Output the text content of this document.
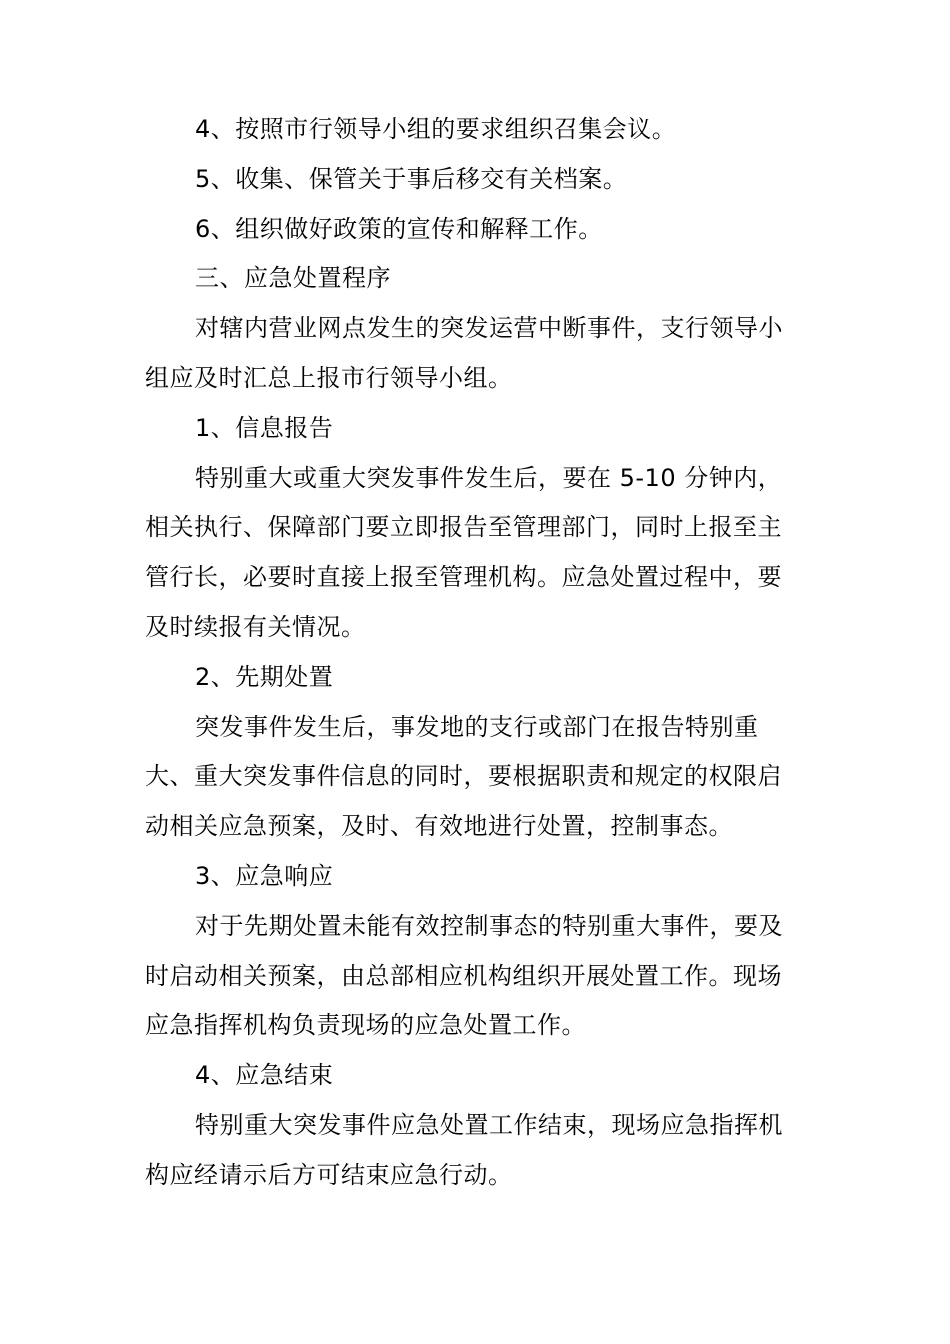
4、按照市行领导小组的要求组织召集会议。

5、收集、保管关于事后移交有关档案。

6、组织做好政策的宣传和解释工作。

三、应急处置程序

对辖内营业网点发生的突发运营中断事件，支行领导小
组应及时汇总上报市行领导小组。

1、信息报告

特别重大或重大突发事件发生后，要在 5-10 分钟内，
相关执行、保障部门要立即报告至管理部门，同时上报至主
管行长，必要时直接上报至管理机构。应急处置过程中，要
及时续报有关情况。

2、先期处置

突发事件发生后，事发地的支行或部门在报告特别重
大、重大突发事件信息的同时，要根据职责和规定的权限启
动相关应急预案，及时、有效地进行处置，控制事态。

3、应急响应

对于先期处置未能有效控制事态的特别重大事件，要及
时启动相关预案，由总部相应机构组织开展处置工作。现场
应急指挥机构负责现场的应急处置工作。

4、应急结束

特别重大突发事件应急处置工作结束，现场应急指挥机
构应经请示后方可结束应急行动。
